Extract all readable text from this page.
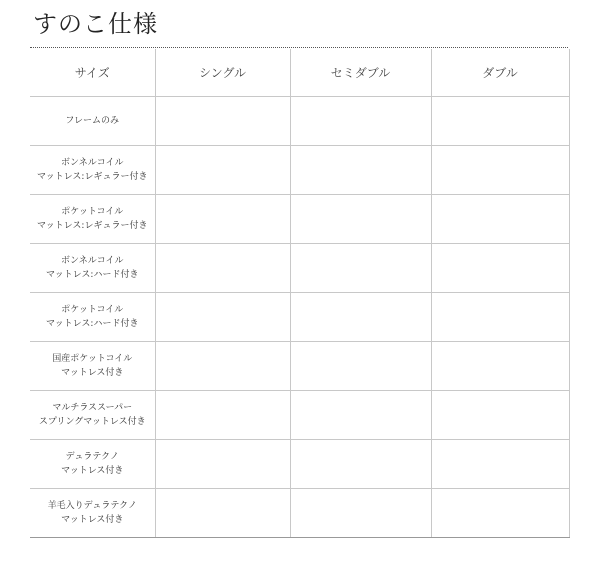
すのこ仕様
サイズ	シングル	セミダブル	ダブル

フレームのみ			

ボンネルコイル
マットレス:レギュラー付き			

ポケットコイル
マットレス:レギュラー付き			

ボンネルコイル
マットレス:ハード付き			

ポケットコイル
マットレス:ハード付き			

国産ポケットコイル
マットレス付き			

マルチラススーパー
スプリングマットレス付き			

デュラテクノ
マットレス付き			

羊毛入りデュラテクノ
マットレス付き			
